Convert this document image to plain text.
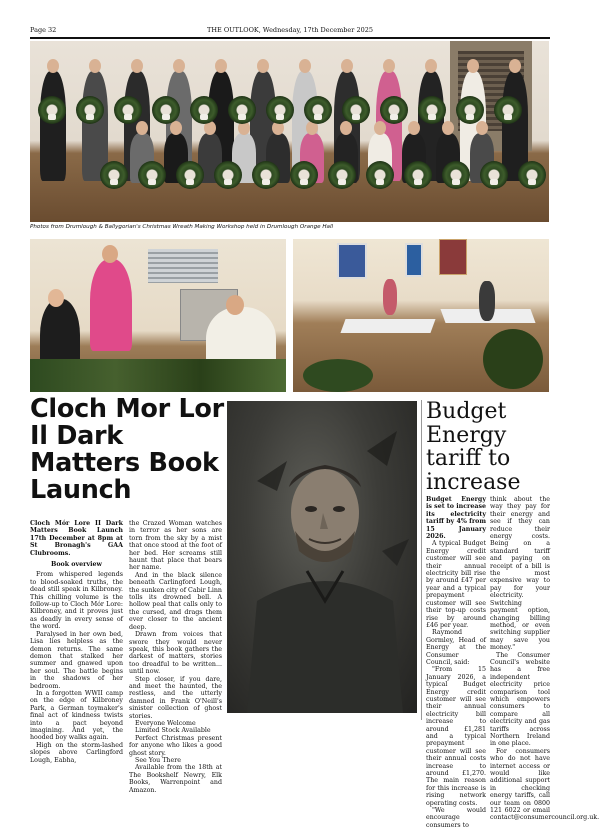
Page 32	THE OUTLOOK, Wednesday, 17th December 2025
Photos from Drumlough & Ballygorian's Christmas Wreath Making Workshop held in Drumlough Orange Hall
Cloch Mor Lor Il Dark Matters Book Launch

Cloch Mór Lore II Dark Matters Book Launch 17th December at 8pm at St Bronagh's GAA Clubrooms.

Book overview

From whispered legends to blood-soaked truths, the dead still speak in Kilbroney. This chilling volume is the follow-up to Cloch Mór Lore: Kilbroney, and it proves just as deadly in every sense of the word.

Paralysed in her own bed, Lisa lies helpless as the demon returns. The same demon that stalked her summer and gnawed upon her soul. The battle begins in the shadows of her bedroom.

In a forgotten WWII camp on the edge of Kilbroney Park, a German toymaker's final act of kindness twists into a pact beyond imagining. And yet, the hooded boy walks again.

High on the storm-lashed slopes above Carlingford Lough, Eabha,

the Crazed Woman watches in terror as her sons are torn from the sky by a mist that once stood at the foot of her bed. Her screams still haunt that place that bears her name.

And in the black silence beneath Carlingford Lough, the sunken city of Cabir Linn tolls its drowned bell. A hollow peal that calls only to the cursed, and drags them ever closer to the ancient deep.

Drawn from voices that swore they would never speak, this book gathers the darkest of matters, stories too dreadful to be written... until now.

Step closer, if you dare, and meet the haunted, the restless, and the utterly damned in Frank O'Neill's sinister collection of ghost stories.

Everyone Welcome

Limited Stock Available

Perfect Christmas present for anyone who likes a good ghost story.

See You There

Available from the 18th at The Bookshelf Newry, Elk Books, Warrenpoint and Amazon.

Budget Energy tariff to increase

Budget Energy is set to increase its electricity tariff by 4% from 15 January 2026.

A typical Budget Energy credit customer will see their annual electricity bill rise by around £47 per year and a typical prepayment customer will see their top-up costs rise by around £46 per year.

Raymond Gormley, Head of Energy at the Consumer Council, said:

"From 15 January 2026, a typical Budget Energy credit customer will see their annual electricity bill increase to around £1,281 and a typical prepayment customer will see their annual costs increase to around £1,270. The main reason for this increase is rising network operating costs.

"We would encourage consumers to

think about the way they pay for their energy and see if they can reduce their energy costs. Being on a standard tariff and paying on receipt of a bill is the most expensive way to pay for your electricity. Switching payment option, changing billing method, or even switching supplier may save you money."

The Consumer Council's website has a free independent electricity price comparison tool which empowers consumers to compare all electricity and gas tariffs across Northern Ireland in one place.

For consumers who do not have internet access or would like additional support in checking energy tariffs, call our team on 0800 121 6022 or email contact@consumercouncil.org.uk.
